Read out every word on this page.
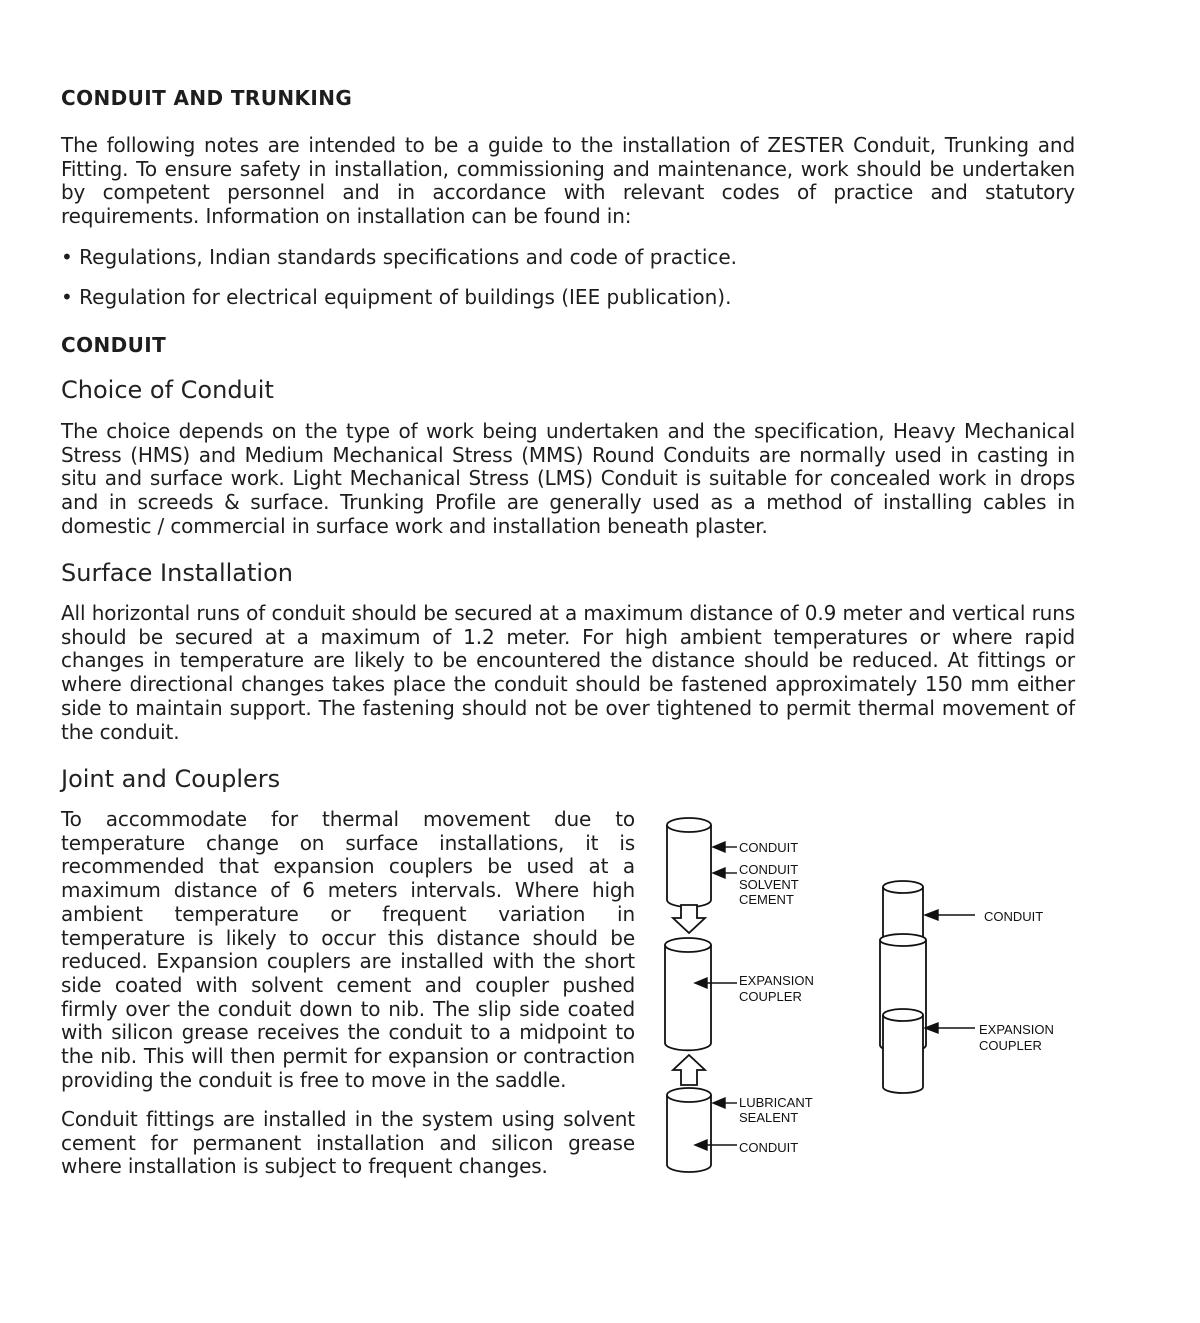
CONDUIT AND TRUNKING

The following notes are intended to be a guide to the installation of ZESTER Conduit, Trunking and Fitting. To ensure safety in installation, commissioning and maintenance, work should be undertaken by competent personnel and in accordance with relevant codes of practice and statutory requirements. Information on installation can be found in:

• Regulations, Indian standards specifications and code of practice.

• Regulation for electrical equipment of buildings (IEE publication).

CONDUIT
Choice of Conduit

The choice depends on the type of work being undertaken and the specification, Heavy Mechanical Stress (HMS) and Medium Mechanical Stress (MMS) Round Conduits are normally used in casting in situ and surface work. Light Mechanical Stress (LMS) Conduit is suitable for concealed work in drops and in screeds & surface. Trunking Profile are generally used as a method of installing cables in domestic / commercial in surface work and installation beneath plaster.

Surface Installation

All horizontal runs of conduit should be secured at a maximum distance of 0.9 meter and vertical runs should be secured at a maximum of 1.2 meter. For high ambient temperatures or where rapid changes in temperature are likely to be encountered the distance should be reduced. At fittings or where directional changes takes place the conduit should be fastened approximately 150 mm either side to maintain support. The fastening should not be over tightened to permit thermal movement of the conduit.

Joint and Couplers

To accommodate for thermal movement due to temperature change on surface installations, it is recommended that expansion couplers be used at a maximum distance of 6 meters intervals. Where high ambient temperature or frequent variation in temperature is likely to occur this distance should be reduced. Expansion couplers are installed with the short side coated with solvent cement and coupler pushed firmly over the conduit down to nib. The slip side coated with silicon grease receives the conduit to a midpoint to the nib. This will then permit for expansion or contraction providing the conduit is free to move in the saddle.

Conduit fittings are installed in the system using solvent cement for permanent installation and silicon grease where installation is subject to frequent changes.

CONDUIT
CONDUIT
SOLVENT
CEMENT
EXPANSION
COUPLER
LUBRICANT
SEALENT
CONDUIT
CONDUIT
EXPANSION
COUPLER
